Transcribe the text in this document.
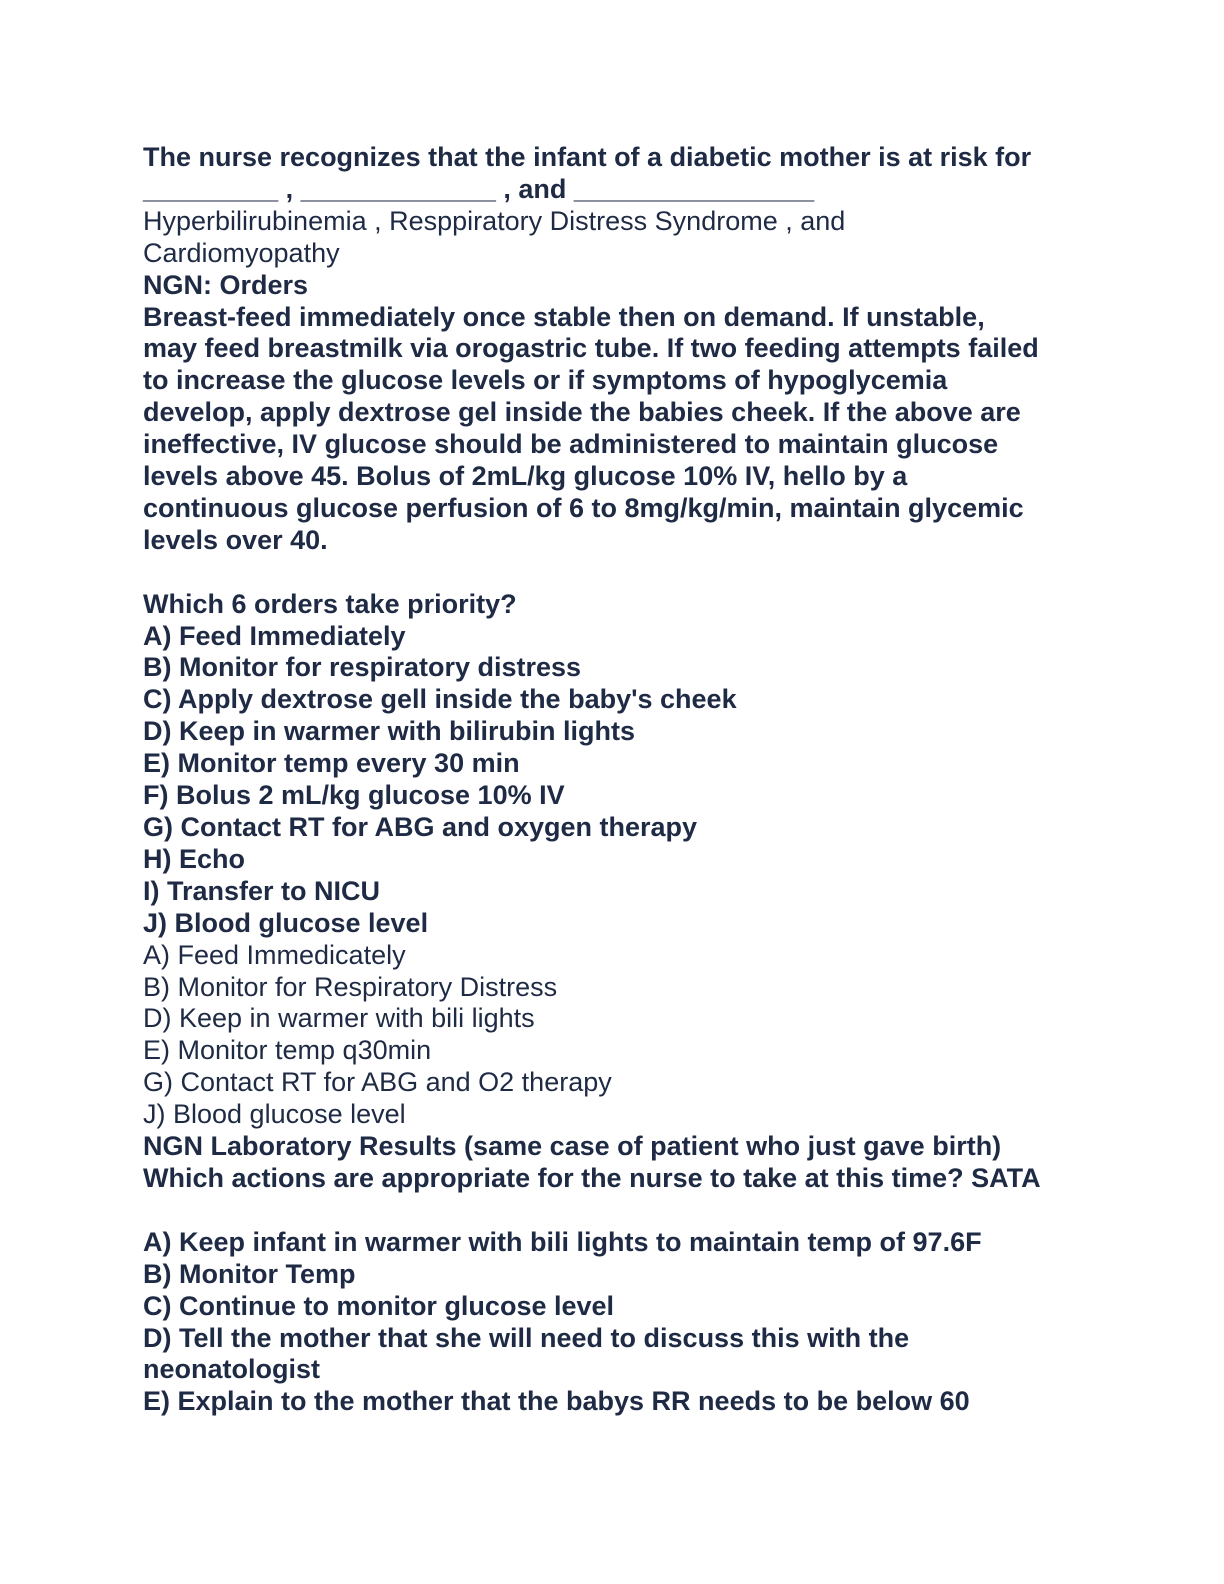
The nurse recognizes that the infant of a diabetic mother is at risk for
_________ , _____________ , and ________________
Hyperbilirubinemia , Resppiratory Distress Syndrome , and
Cardiomyopathy
NGN: Orders
Breast-feed immediately once stable then on demand. If unstable,
may feed breastmilk via orogastric tube. If two feeding attempts failed
to increase the glucose levels or if symptoms of hypoglycemia
develop, apply dextrose gel inside the babies cheek. If the above are
ineffective, IV glucose should be administered to maintain glucose
levels above 45. Bolus of 2mL/kg glucose 10% IV, hello by a
continuous glucose perfusion of 6 to 8mg/kg/min, maintain glycemic
levels over 40.
Which 6 orders take priority?
A) Feed Immediately
B) Monitor for respiratory distress
C) Apply dextrose gell inside the baby's cheek
D) Keep in warmer with bilirubin lights
E) Monitor temp every 30 min
F) Bolus 2 mL/kg glucose 10% IV
G) Contact RT for ABG and oxygen therapy
H) Echo
I) Transfer to NICU
J) Blood glucose level
A) Feed Immedicately
B) Monitor for Respiratory Distress
D) Keep in warmer with bili lights
E) Monitor temp q30min
G) Contact RT for ABG and O2 therapy
J) Blood glucose level
NGN Laboratory Results (same case of patient who just gave birth)
Which actions are appropriate for the nurse to take at this time? SATA
A) Keep infant in warmer with bili lights to maintain temp of 97.6F
B) Monitor Temp
C) Continue to monitor glucose level
D) Tell the mother that she will need to discuss this with the
neonatologist
E) Explain to the mother that the babys RR needs to be below 60
